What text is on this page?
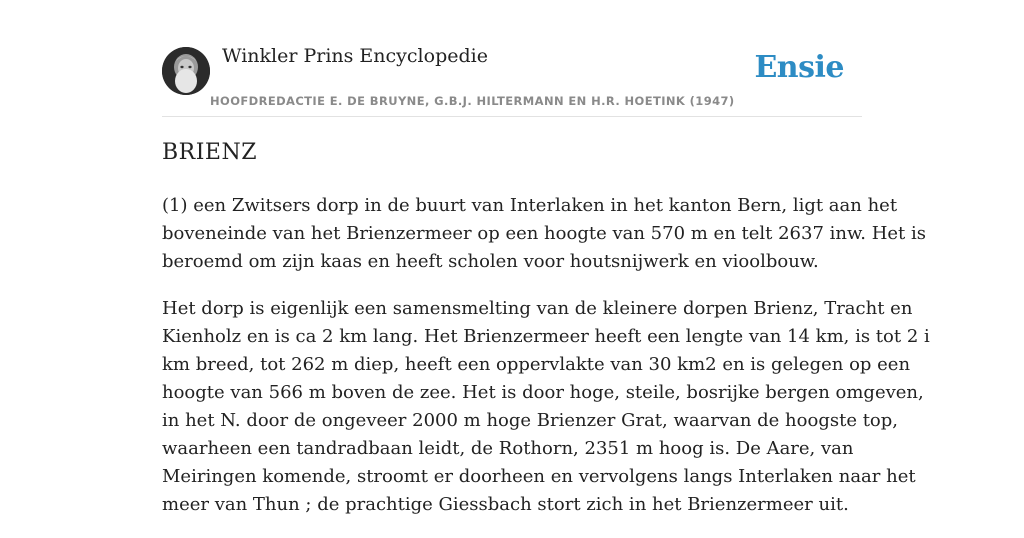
Winkler Prins Encyclopedie	Ensie
HOOFDREDACTIE E. DE BRUYNE, G.B.J. HILTERMANN EN H.R. HOETINK (1947)
BRIENZ

(1) een Zwitsers dorp in de buurt van Interlaken in het kanton Bern, ligt aan het
boveneinde van het Brienzermeer op een hoogte van 570 m en telt 2637 inw. Het is
beroemd om zijn kaas en heeft scholen voor houtsnijwerk en vioolbouw.

Het dorp is eigenlijk een samensmelting van de kleinere dorpen Brienz, Tracht en
Kienholz en is ca 2 km lang. Het Brienzermeer heeft een lengte van 14 km, is tot 2 i
km breed, tot 262 m diep, heeft een oppervlakte van 30 km2 en is gelegen op een
hoogte van 566 m boven de zee. Het is door hoge, steile, bosrijke bergen omgeven,
in het N. door de ongeveer 2000 m hoge Brienzer Grat, waarvan de hoogste top,
waarheen een tandradbaan leidt, de Rothorn, 2351 m hoog is. De Aare, van
Meiringen komende, stroomt er doorheen en vervolgens langs Interlaken naar het
meer van Thun ; de prachtige Giessbach stort zich in het Brienzermeer uit.
